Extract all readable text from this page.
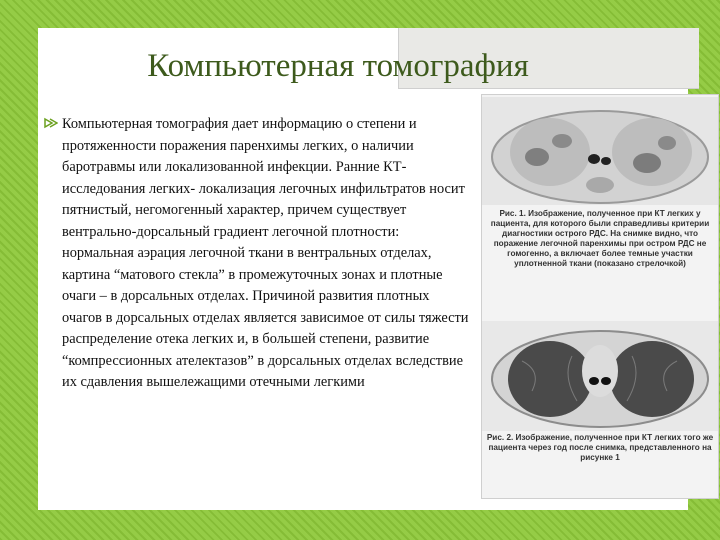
Компьютерная томография
Компьютерная томография дает информацию о степени и протяженности поражения паренхимы легких, о наличии баротравмы или локализованной инфекции. Ранние КТ-исследования легких- локализация легочных инфильтратов носит пятнистый, негомогенный характер, причем существует вентрально-дорсальный градиент легочной плотности: нормальная аэрация легочной ткани в вентральных отделах, картина “матового стекла” в промежуточных зонах и плотные очаги – в дорсальных отделах. Причиной развития плотных очагов в дорсальных отделах является зависимое от силы тяжести распределение отека легких и, в большей степени, развитие “компрессионных ателектазов” в дорсальных отделах вследствие их сдавления вышележащими отечными легкими
Рис. 1. Изображение, полученное при КТ легких у пациента, для которого были справедливы критерии диагностики острого РДС. На снимке видно, что поражение легочной паренхимы при остром РДС не гомогенно, а включает более темные участки уплотненной ткани (показано стрелочкой)
Рис. 2. Изображение, полученное при КТ легких того же пациента через год после снимка, представленного на рисунке 1
